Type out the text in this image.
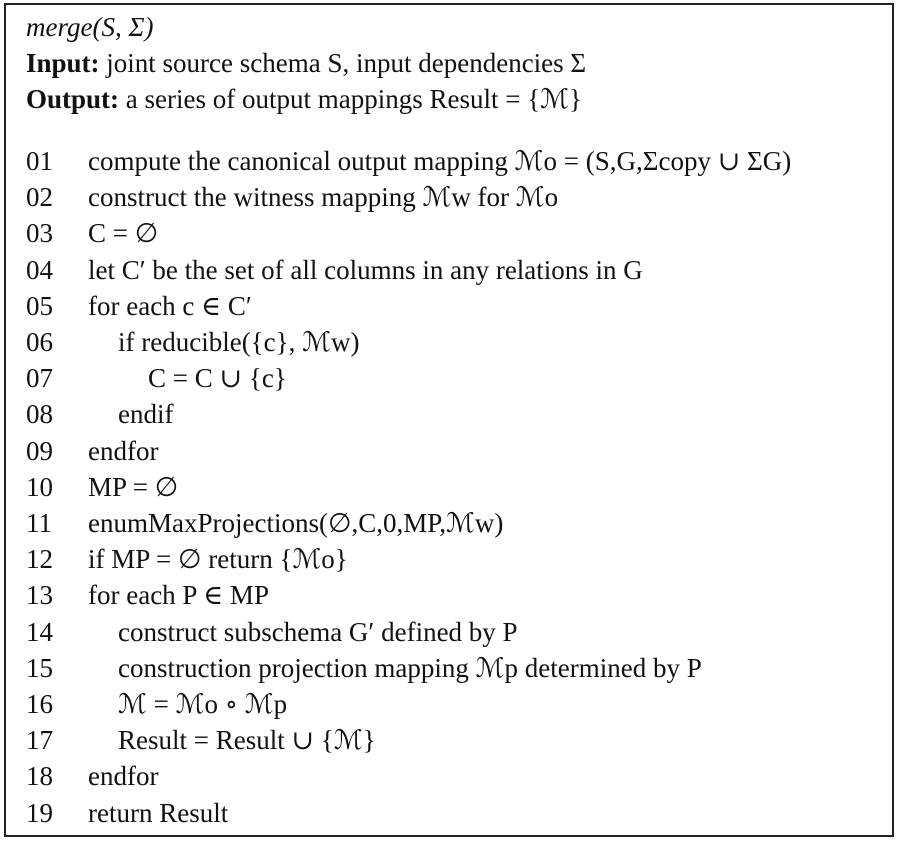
merge(S, Σ)
Input: joint source schema S, input dependencies Σ
Output: a series of output mappings Result = {ℳ}
01 compute the canonical output mapping ℳo = (S,G,Σcopy ∪ ΣG)
02 construct the witness mapping ℳw for ℳo
03 C = ∅
04 let C′ be the set of all columns in any relations in G
05 for each c ∈ C′
06 if reducible({c}, ℳw)
07	C = C ∪ {c}
08 endif
09 endfor
10 MP = ∅
11 enumMaxProjections(∅,C,0,MP,ℳw)
12 if MP = ∅ return {ℳo}
13 for each P ∈ MP
14 construct subschema G′ defined by P
15 construction projection mapping ℳp determined by P
16 ℳ = ℳo ∘ ℳp
17 Result = Result ∪ {ℳ}
18 endfor
19 return Result
